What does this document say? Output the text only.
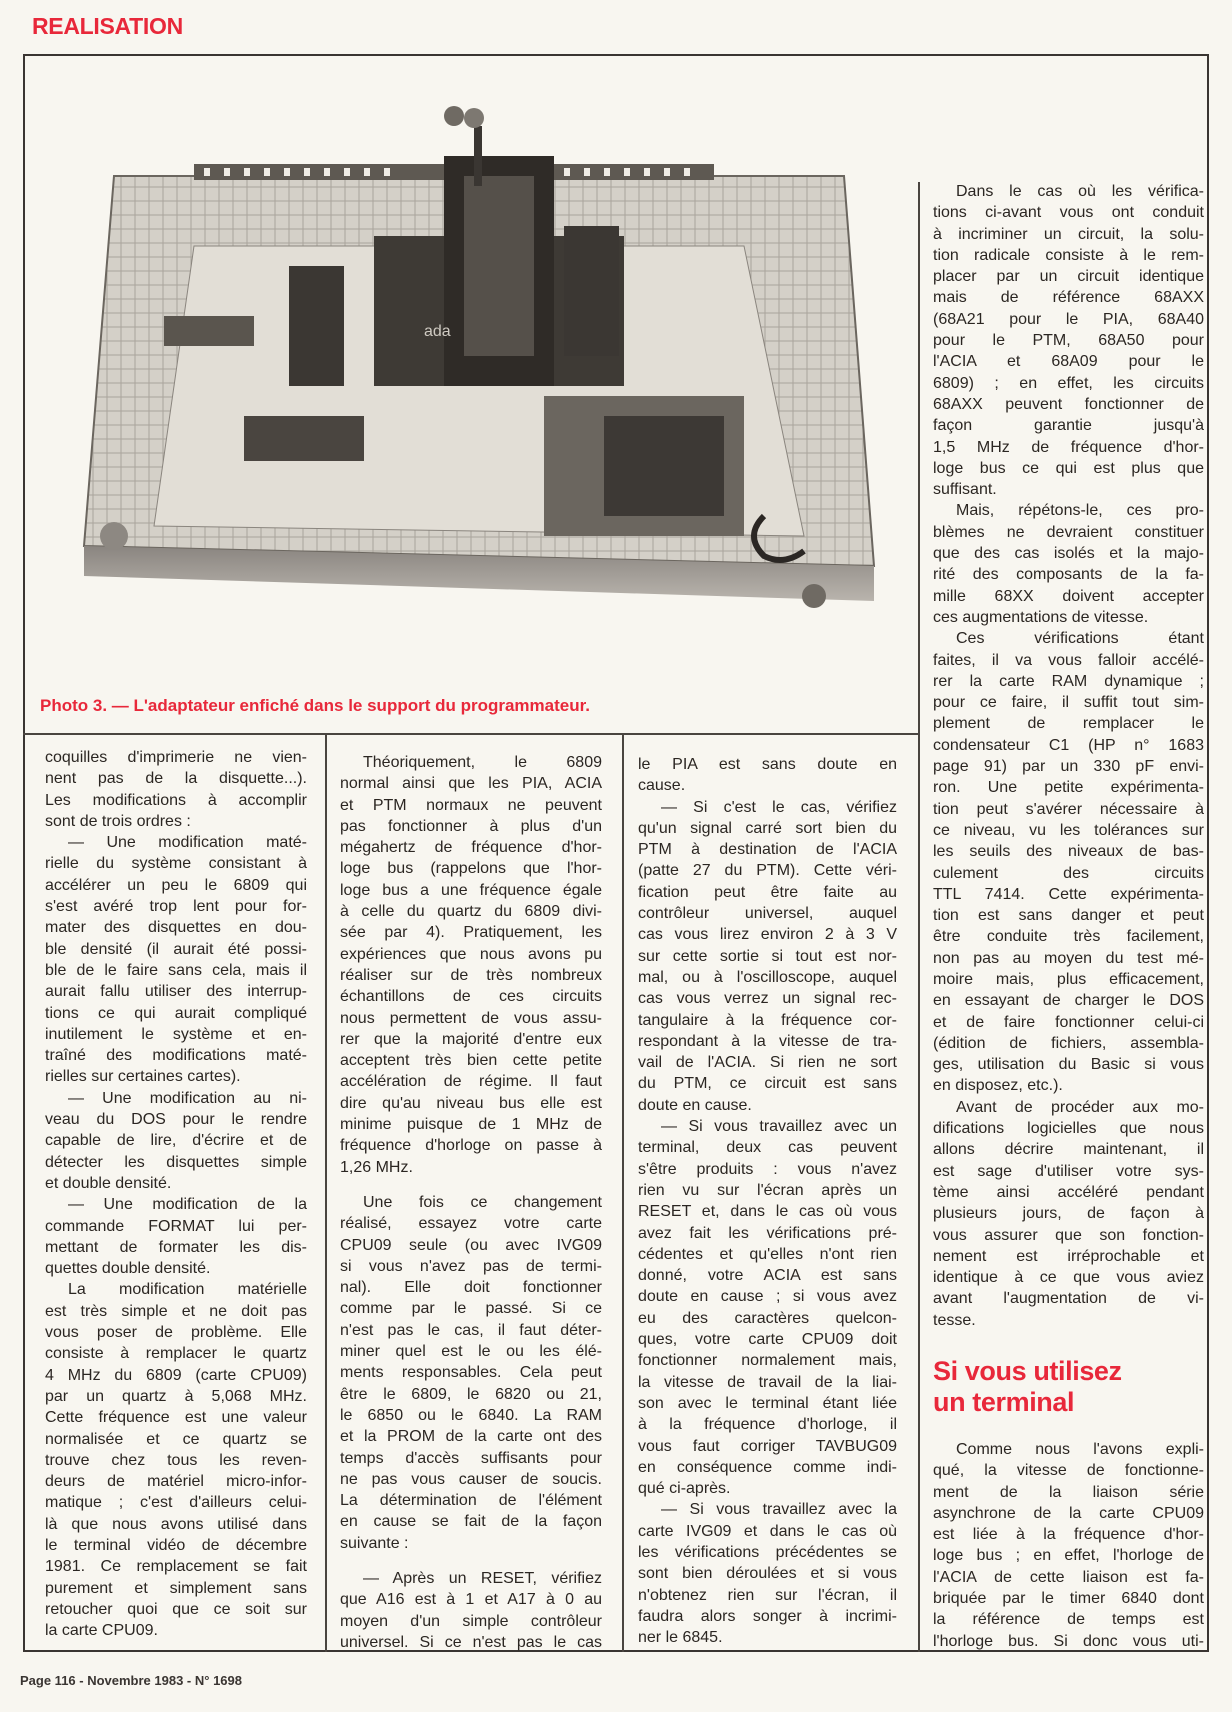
REALISATION
ada
Photo 3. — L'adaptateur enfiché dans le support du programmateur.
coquilles d'imprimerie ne vien-
nent pas de la disquette...).
Les modifications à accomplir
sont de trois ordres :
— Une modification maté-
rielle du système consistant à
accélérer un peu le 6809 qui
s'est avéré trop lent pour for-
mater des disquettes en dou-
ble densité (il aurait été possi-
ble de le faire sans cela, mais il
aurait fallu utiliser des interrup-
tions ce qui aurait compliqué
inutilement le système et en-
traîné des modifications maté-
rielles sur certaines cartes).
— Une modification au ni-
veau du DOS pour le rendre
capable de lire, d'écrire et de
détecter les disquettes simple
et double densité.
— Une modification de la
commande FORMAT lui per-
mettant de formater les dis-
quettes double densité.
La modification matérielle
est très simple et ne doit pas
vous poser de problème. Elle
consiste à remplacer le quartz
4 MHz du 6809 (carte CPU09)
par un quartz à 5,068 MHz.
Cette fréquence est une valeur
normalisée et ce quartz se
trouve chez tous les reven-
deurs de matériel micro-infor-
matique ; c'est d'ailleurs celui-
là que nous avons utilisé dans
le terminal vidéo de décembre
1981. Ce remplacement se fait
purement et simplement sans
retoucher quoi que ce soit sur
la carte CPU09.
Théoriquement, le 6809
normal ainsi que les PIA, ACIA
et PTM normaux ne peuvent
pas fonctionner à plus d'un
mégahertz de fréquence d'hor-
loge bus (rappelons que l'hor-
loge bus a une fréquence égale
à celle du quartz du 6809 divi-
sée par 4). Pratiquement, les
expériences que nous avons pu
réaliser sur de très nombreux
échantillons de ces circuits
nous permettent de vous assu-
rer que la majorité d'entre eux
acceptent très bien cette petite
accélération de régime. Il faut
dire qu'au niveau bus elle est
minime puisque de 1 MHz de
fréquence d'horloge on passe à
1,26 MHz.
Une fois ce changement
réalisé, essayez votre carte
CPU09 seule (ou avec IVG09
si vous n'avez pas de termi-
nal). Elle doit fonctionner
comme par le passé. Si ce
n'est pas le cas, il faut déter-
miner quel est le ou les élé-
ments responsables. Cela peut
être le 6809, le 6820 ou 21,
le 6850 ou le 6840. La RAM
et la PROM de la carte ont des
temps d'accès suffisants pour
ne pas vous causer de soucis.
La détermination de l'élément
en cause se fait de la façon
suivante :
— Après un RESET, vérifiez
que A16 est à 1 et A17 à 0 au
moyen d'un simple contrôleur
universel. Si ce n'est pas le cas
le PIA est sans doute en
cause.
— Si c'est le cas, vérifiez
qu'un signal carré sort bien du
PTM à destination de l'ACIA
(patte 27 du PTM). Cette véri-
fication peut être faite au
contrôleur universel, auquel
cas vous lirez environ 2 à 3 V
sur cette sortie si tout est nor-
mal, ou à l'oscilloscope, auquel
cas vous verrez un signal rec-
tangulaire à la fréquence cor-
respondant à la vitesse de tra-
vail de l'ACIA. Si rien ne sort
du PTM, ce circuit est sans
doute en cause.
— Si vous travaillez avec un
terminal, deux cas peuvent
s'être produits : vous n'avez
rien vu sur l'écran après un
RESET et, dans le cas où vous
avez fait les vérifications pré-
cédentes et qu'elles n'ont rien
donné, votre ACIA est sans
doute en cause ; si vous avez
eu des caractères quelcon-
ques, votre carte CPU09 doit
fonctionner normalement mais,
la vitesse de travail de la liai-
son avec le terminal étant liée
à la fréquence d'horloge, il
vous faut corriger TAVBUG09
en conséquence comme indi-
qué ci-après.
— Si vous travaillez avec la
carte IVG09 et dans le cas où
les vérifications précédentes se
sont bien déroulées et si vous
n'obtenez rien sur l'écran, il
faudra alors songer à incrimi-
ner le 6845.
Dans le cas où les vérifica-
tions ci-avant vous ont conduit
à incriminer un circuit, la solu-
tion radicale consiste à le rem-
placer par un circuit identique
mais de référence 68AXX
(68A21 pour le PIA, 68A40
pour le PTM, 68A50 pour
l'ACIA et 68A09 pour le
6809) ; en effet, les circuits
68AXX peuvent fonctionner de
façon garantie jusqu'à
1,5 MHz de fréquence d'hor-
loge bus ce qui est plus que
suffisant.
Mais, répétons-le, ces pro-
blèmes ne devraient constituer
que des cas isolés et la majo-
rité des composants de la fa-
mille 68XX doivent accepter
ces augmentations de vitesse.
Ces vérifications étant
faites, il va vous falloir accélé-
rer la carte RAM dynamique ;
pour ce faire, il suffit tout sim-
plement de remplacer le
condensateur C1 (HP n° 1683
page 91) par un 330 pF envi-
ron. Une petite expérimenta-
tion peut s'avérer nécessaire à
ce niveau, vu les tolérances sur
les seuils des niveaux de bas-
culement des circuits
TTL 7414. Cette expérimenta-
tion est sans danger et peut
être conduite très facilement,
non pas au moyen du test mé-
moire mais, plus efficacement,
en essayant de charger le DOS
et de faire fonctionner celui-ci
(édition de fichiers, assembla-
ges, utilisation du Basic si vous
en disposez, etc.).
Avant de procéder aux mo-
difications logicielles que nous
allons décrire maintenant, il
est sage d'utiliser votre sys-
tème ainsi accéléré pendant
plusieurs jours, de façon à
vous assurer que son fonction-
nement est irréprochable et
identique à ce que vous aviez
avant l'augmentation de vi-
tesse.
Si vous utilisez
un terminal
Comme nous l'avons expli-
qué, la vitesse de fonctionne-
ment de la liaison série
asynchrone de la carte CPU09
est liée à la fréquence d'hor-
loge bus ; en effet, l'horloge de
l'ACIA de cette liaison est fa-
briquée par le timer 6840 dont
la référence de temps est
l'horloge bus. Si donc vous uti-
Page 116 - Novembre 1983 - N° 1698
